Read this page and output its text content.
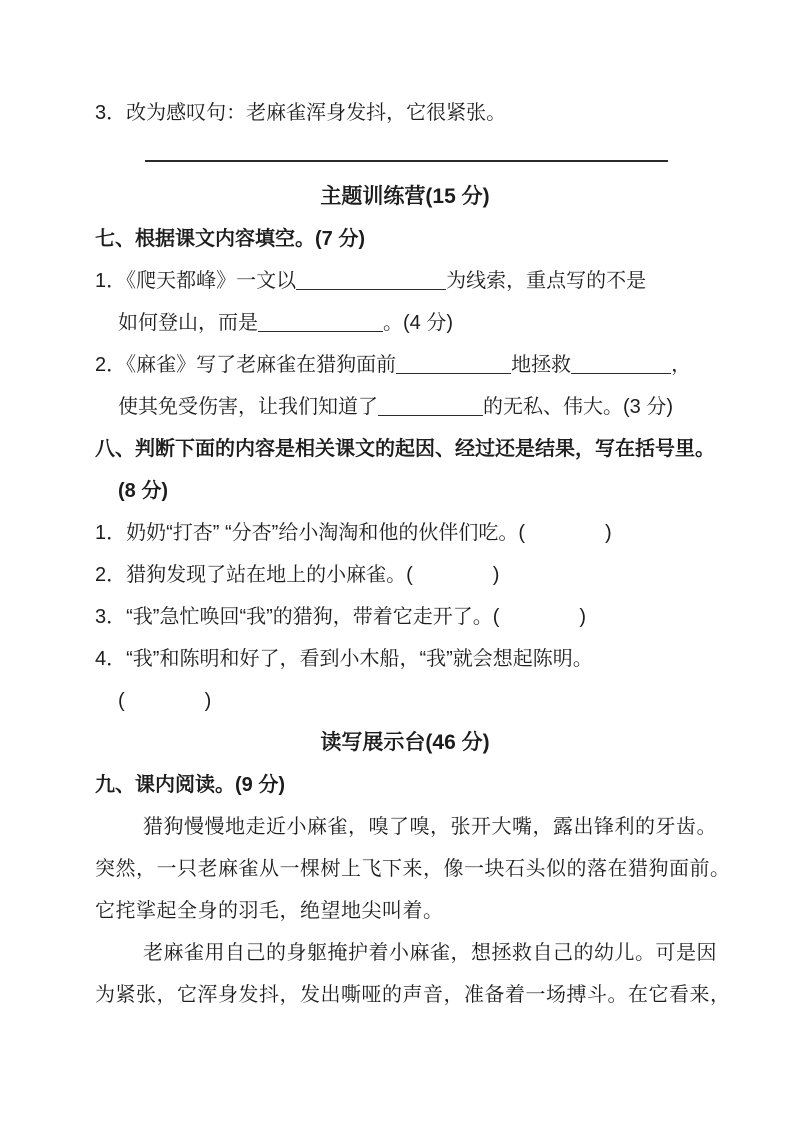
3．改为感叹句：老麻雀浑身发抖，它很紧张。
主题训练营(15 分)
七、根据课文内容填空。(7 分)
1．《爬天都峰》一文以	为线索，重点写的不是
如何登山，而是	。(4 分)
2．《麻雀》写了老麻雀在猎狗面前	地拯救	，
使其免受伤害，让我们知道了	的无私、伟大。(3 分)
八、判断下面的内容是相关课文的起因、经过还是结果，写在括号里。
(8 分)
1．奶奶“打杏” “分杏”给小淘淘和他的伙伴们吃。(　　　　)
2．猎狗发现了站在地上的小麻雀。(　　　　)
3．“我”急忙唤回“我”的猎狗，带着它走开了。(　　　　)
4．“我”和陈明和好了，看到小木船，“我”就会想起陈明。
(　　　　)
读写展示台(46 分)
九、课内阅读。(9 分)
猎狗慢慢地走近小麻雀，嗅了嗅，张开大嘴，露出锋利的牙齿。
突然，一只老麻雀从一棵树上飞下来，像一块石头似的落在猎狗面前。
它挓挲起全身的羽毛，绝望地尖叫着。
老麻雀用自己的身躯掩护着小麻雀，想拯救自己的幼儿。可是因
为紧张，它浑身发抖，发出嘶哑的声音，准备着一场搏斗。在它看来，
